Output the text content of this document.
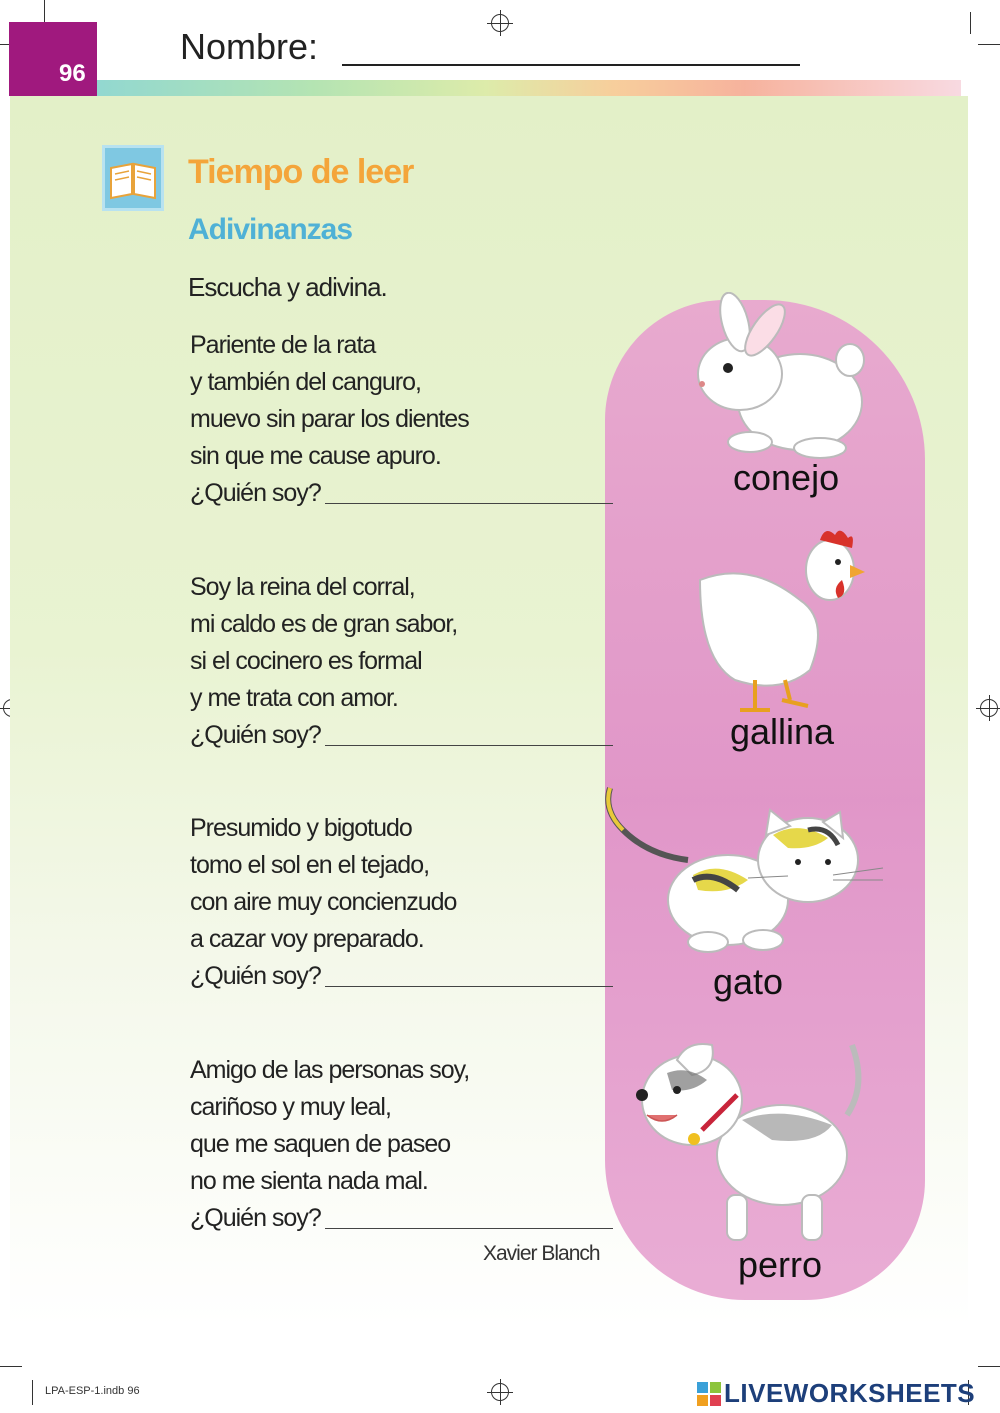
96
Nombre:
Tiempo de leer
Adivinanzas
Escucha y adivina.
Pariente de la rata
y también del canguro,
muevo sin parar los dientes
sin que me cause apuro.
¿Quién soy?
Soy la reina del corral,
mi caldo es de gran sabor,
si el cocinero es formal
y me trata con amor.
¿Quién soy?
Presumido y bigotudo
tomo el sol en el tejado,
con aire muy concienzudo
a cazar voy preparado.
¿Quién soy?
Amigo de las personas soy,
cariñoso y muy leal,
que me saquen de paseo
no me sienta nada mal.
¿Quién soy?
Xavier Blanch
conejo
gallina
gato
perro
LPA-ESP-1.indb 96	LIVEWORKSHEETS
